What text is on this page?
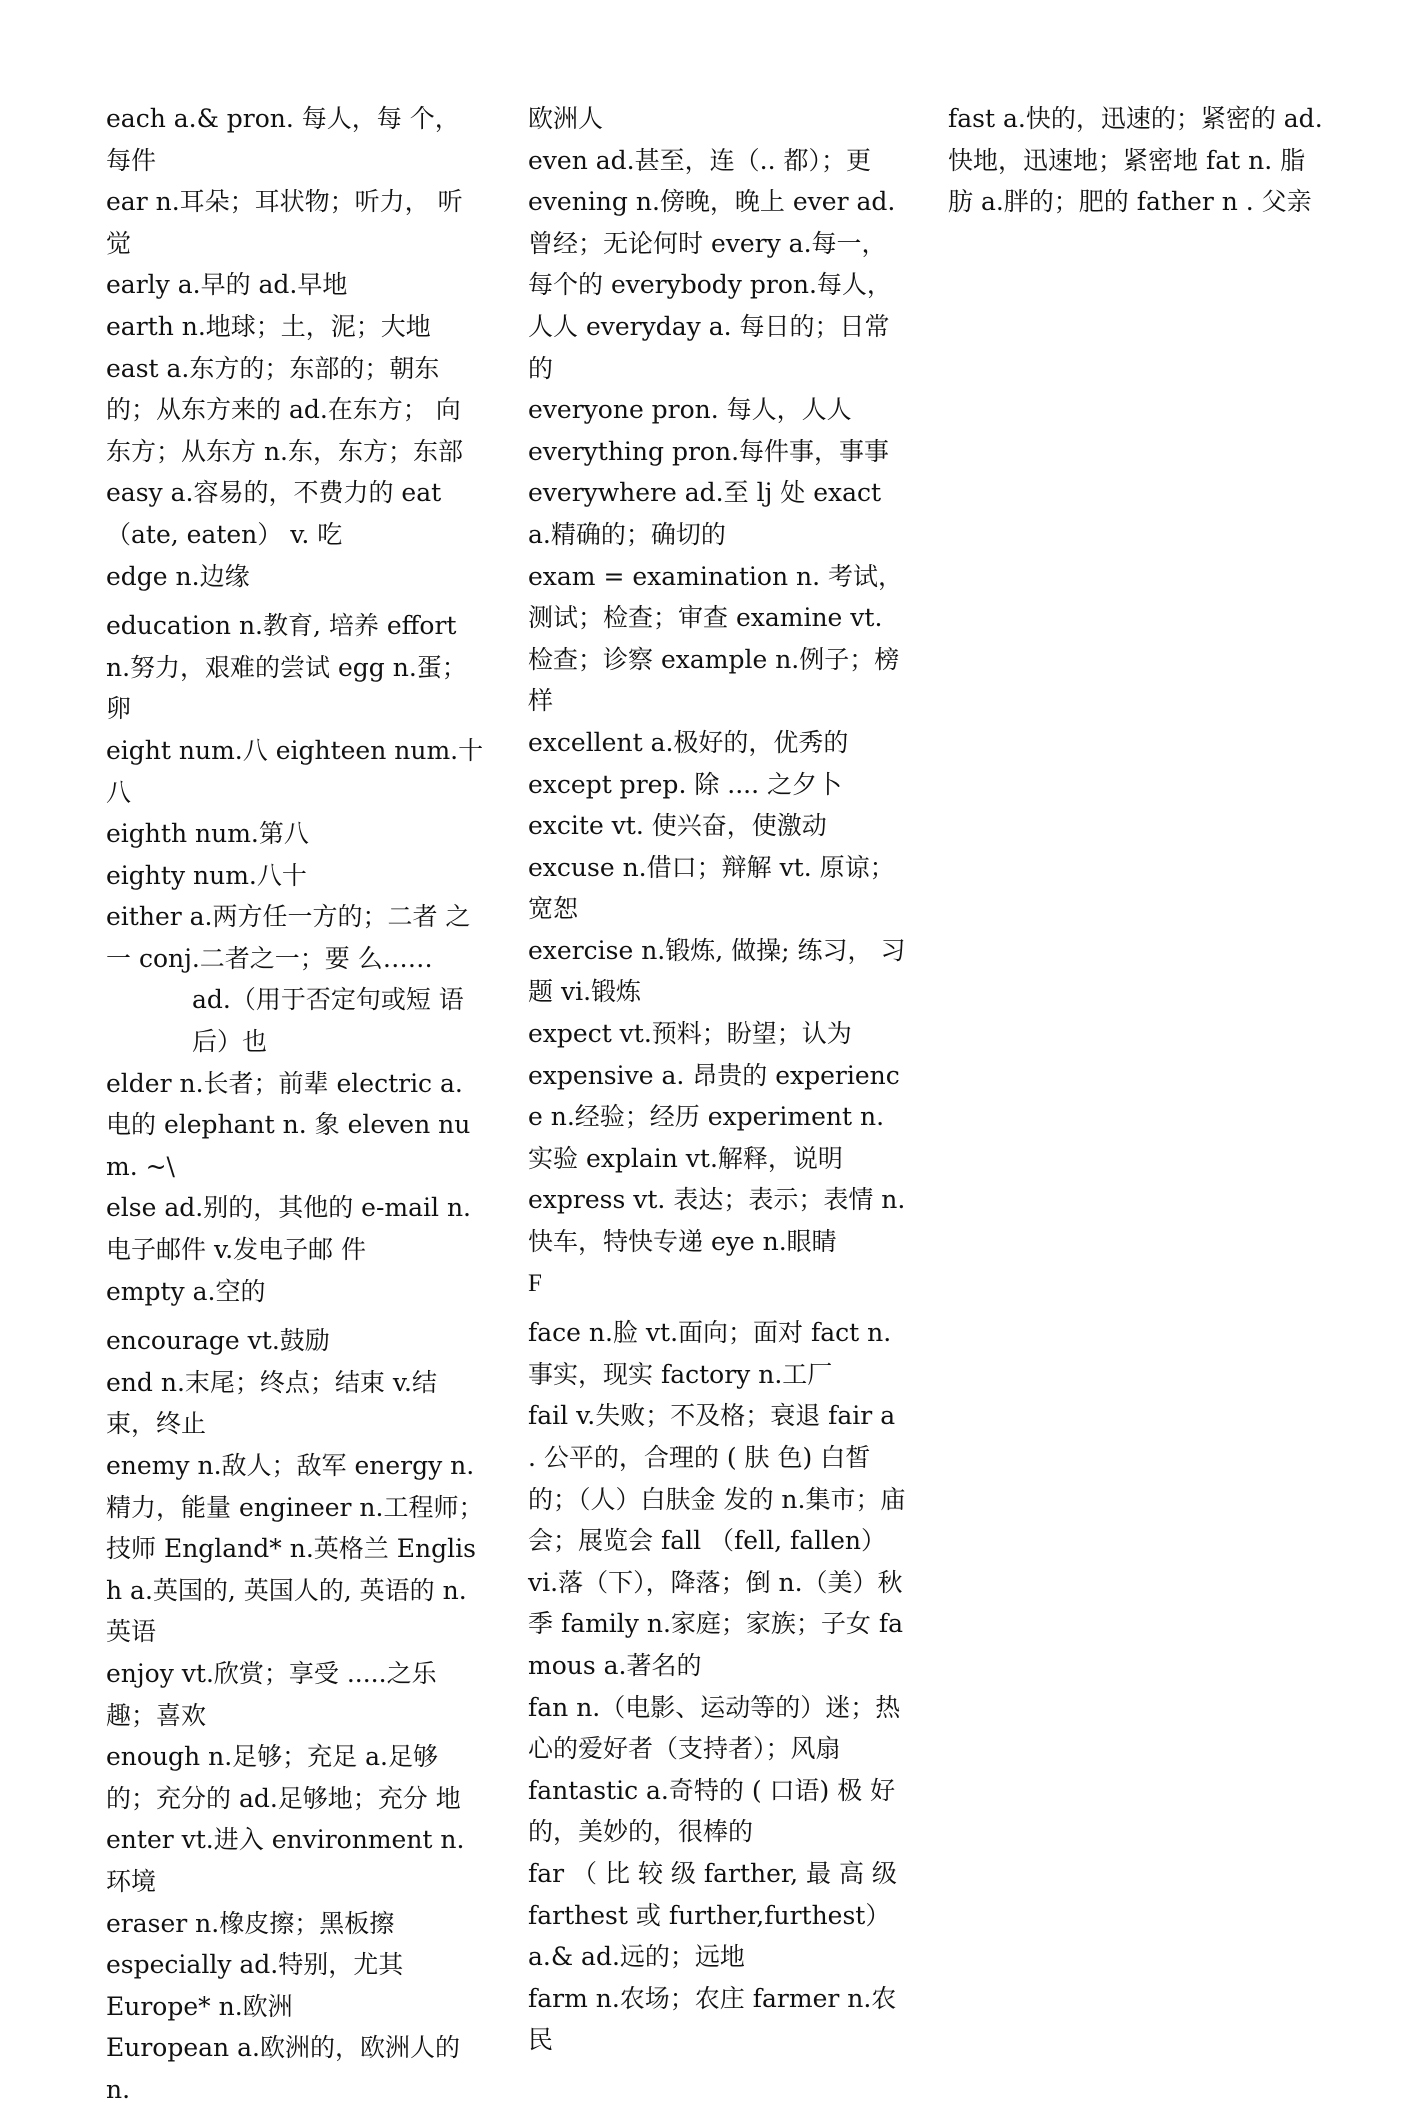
each a.& pron. 每人，每 个，每件

ear n.耳朵；耳状物；听力， 听觉

early a.早的 ad.早地

earth n.地球；土，泥；大地

east a.东方的；东部的；朝东的；从东方来的 ad.在东方； 向东方；从东方 n.东，东方；东部

easy a.容易的，不费力的 eat （ate, eaten） v. 吃

edge n.边缘

education n.教育, 培养 effort n.努力，艰难的尝试 egg n.蛋；卵

eight num.八 eighteen num.十八

eighth num.第八

eighty num.八十

either a.两方任一方的；二者 之一 conj.二者之一；要 么……

ad.（用于否定句或短 语后）也

elder n.长者；前辈 electric a.电的 elephant n. 象 eleven num. ~\

else ad.别的，其他的 e-mail n.电子邮件 v.发电子邮 件

empty a.空的

encourage vt.鼓励

end n.末尾；终点；结束 v.结束，终止

enemy n.敌人；敌军 energy n.精力，能量 engineer n.工程师；技师 England* n.英格兰 English a.英国的, 英国人的, 英语的 n.英语

enjoy vt.欣赏；享受 .....之乐趣；喜欢

enough n.足够；充足 a.足够的；充分的 ad.足够地；充分 地

enter vt.进入 environment n.环境

eraser n.橡皮擦；黑板擦

especially ad.特别，尤其

Europe* n.欧洲

European a.欧洲的，欧洲人的 n.

欧洲人

even ad.甚至，连（.. 都）；更

evening n.傍晚，晚上 ever ad.曾经；无论何时 every a.每一，每个的 everybody pron.每人，人人 everyday a. 每日的；日常的

everyone pron. 每人，人人

everything pron.每件事，事事

everywhere ad.至 lj 处 exact a.精确的；确切的

exam = examination n. 考试， 测试；检查；审查 examine vt.检查；诊察 example n.例子；榜样

excellent a.极好的，优秀的

except prep. 除 .... 之夕卜

excite vt. 使兴奋，使激动

excuse n.借口；辩解 vt. 原谅；宽恕

exercise n.锻炼, 做操; 练习， 习题 vi.锻炼

expect vt.预料；盼望；认为

expensive a. 昂贵的 experience n.经验；经历 experiment n. 实验 explain vt.解释，说明

express vt. 表达；表示；表情 n.快车，特快专递 eye n.眼睛

F

face n.脸 vt.面向；面对 fact n.事实，现实 factory n.工厂

fail v.失败；不及格；衰退 fair a . 公平的，合理的 ( 肤 色) 白皙的；（人）白肤金 发的 n.集市；庙会；展览会 fall （fell, fallen） vi.落（下），降落；倒 n.（美）秋季 family n.家庭；家族；子女 famous a.著名的

fan n.（电影、运动等的）迷；热心的爱好者（支持者）；风扇

fantastic a.奇特的 ( 口语) 极 好的，美妙的，很棒的

far （ 比 较 级 farther, 最 高 级 farthest 或 further,furthest） a.& ad.远的；远地

farm n.农场；农庄 farmer n.农民

fast a.快的，迅速的；紧密的 ad.快地，迅速地；紧密地 fat n. 脂肪 a.胖的；肥的 father n . 父亲
